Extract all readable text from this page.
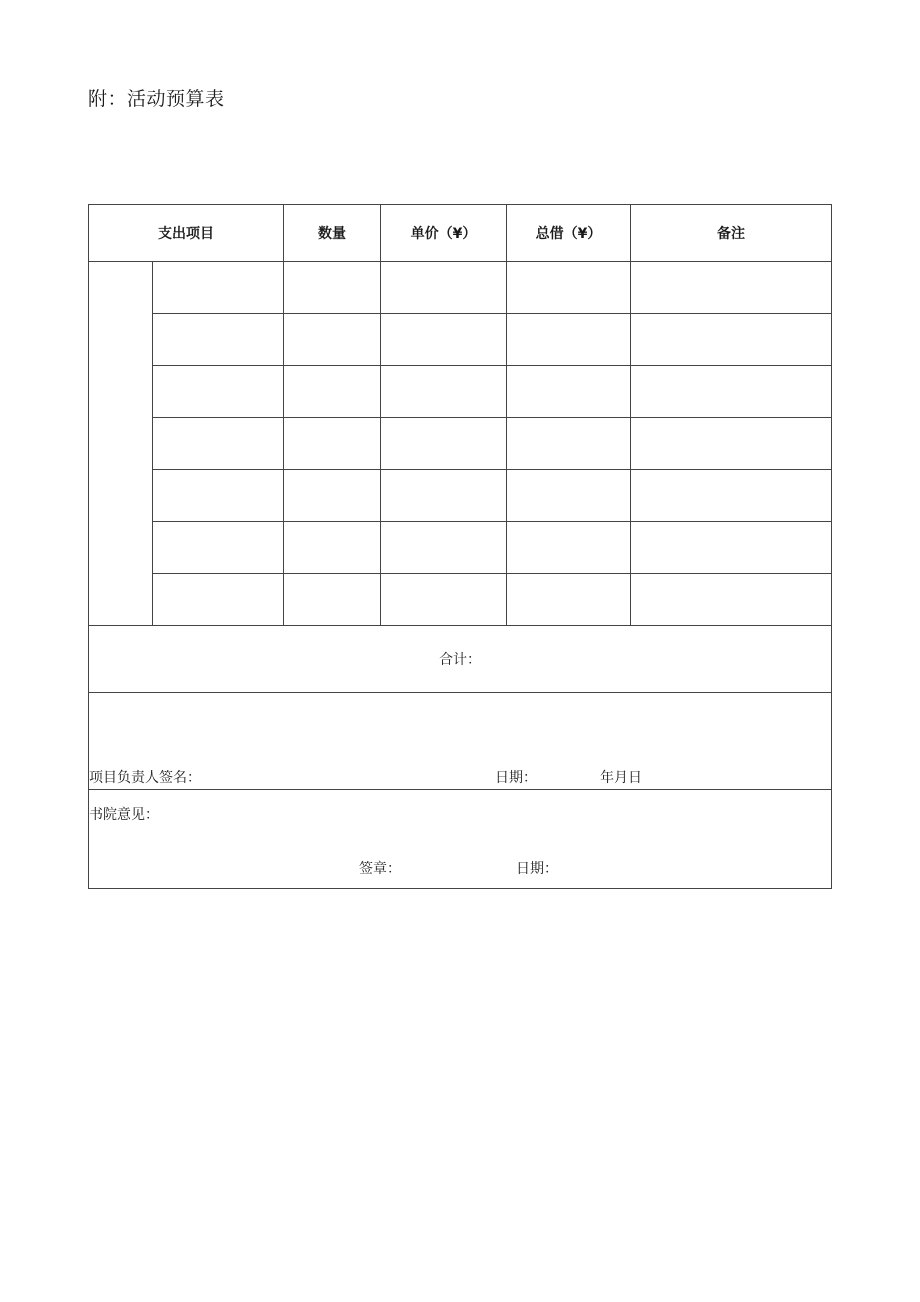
附：活动预算表
支出项目		数量	单价（¥）	总借（¥）	备注

合计：					

项目负责人签名： 日期： 年月日					

书院意见：
签章： 日期：					
